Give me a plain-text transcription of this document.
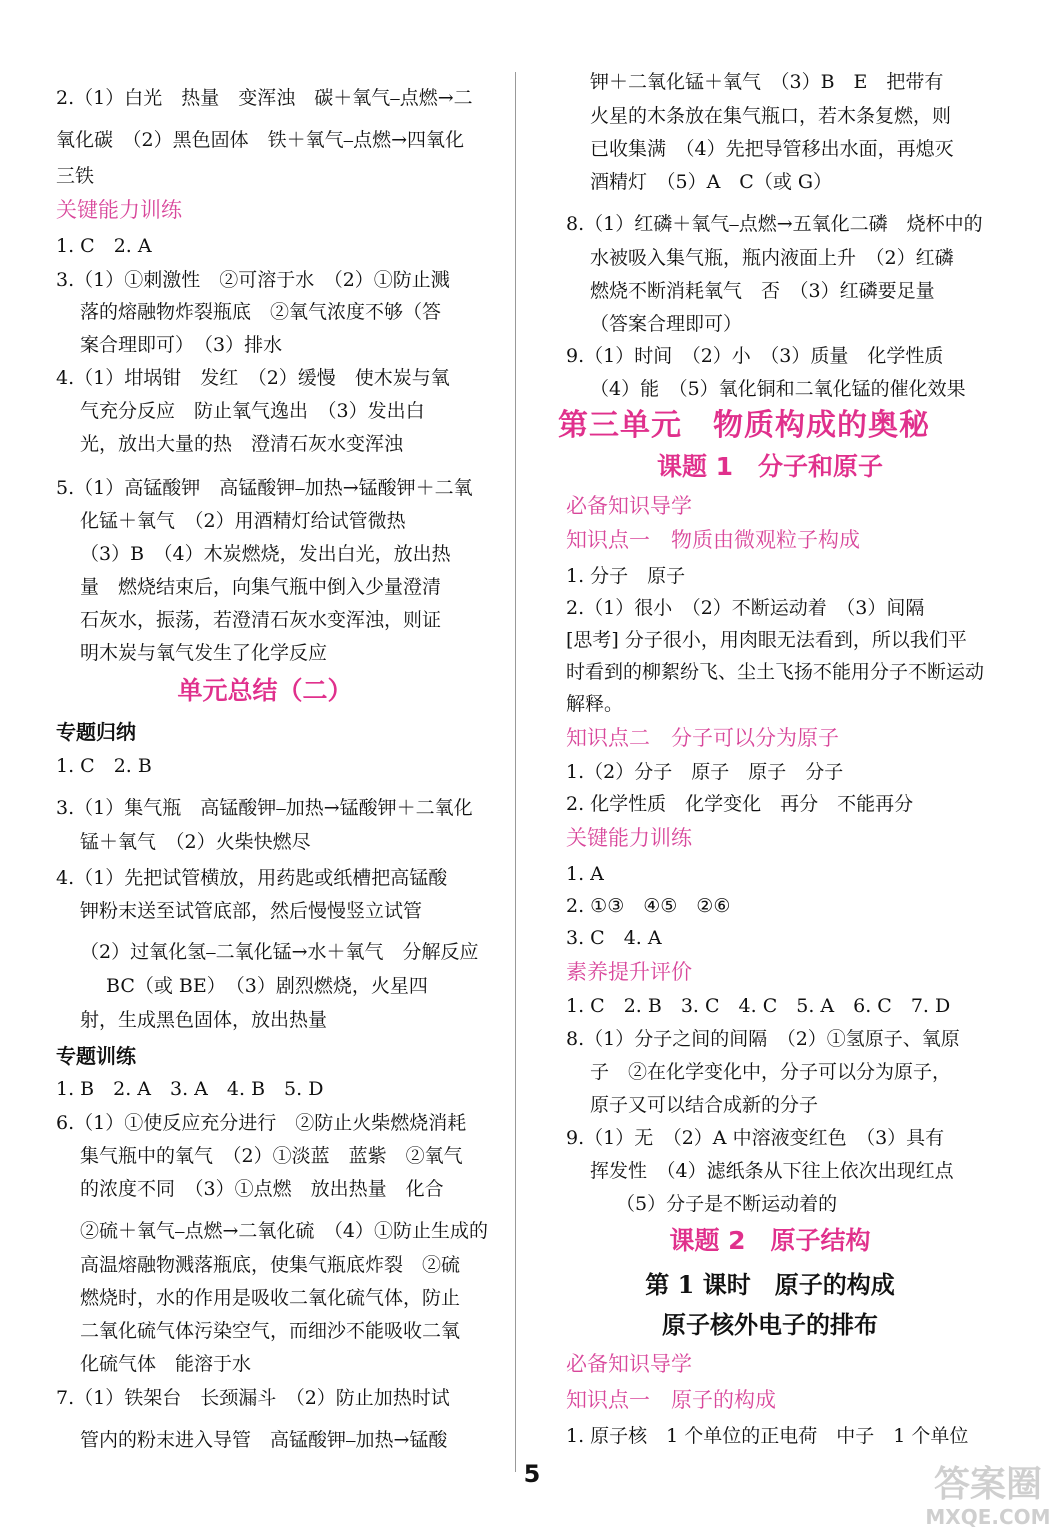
2.（1）白光　热量　变浑浊　碳＋氧气⎯点燃→二
氧化碳　（2）黑色固体　铁＋氧气⎯点燃→四氧化
三铁
关键能力训练
1. C　2. A
3.（1）①刺激性　②可溶于水　（2）①防止溅
落的熔融物炸裂瓶底　②氧气浓度不够（答
案合理即可）　（3）排水
4.（1）坩埚钳　发红　（2）缓慢　使木炭与氧
气充分反应　防止氧气逸出　（3）发出白
光，放出大量的热　澄清石灰水变浑浊
5.（1）高锰酸钾　高锰酸钾⎯加热→锰酸钾＋二氧
化锰＋氧气　（2）用酒精灯给试管微热
（3）B　（4）木炭燃烧，发出白光，放出热
量　燃烧结束后，向集气瓶中倒入少量澄清
石灰水，振荡，若澄清石灰水变浑浊，则证
明木炭与氧气发生了化学反应
单元总结（二）
专题归纳
1. C　2. B
3.（1）集气瓶　高锰酸钾⎯加热→锰酸钾＋二氧化
锰＋氧气　（2）火柴快燃尽
4.（1）先把试管横放，用药匙或纸槽把高锰酸
钾粉末送至试管底部，然后慢慢竖立试管
（2）过氧化氢⎯二氧化锰→水＋氧气　分解反应
BC（或 BE）　（3）剧烈燃烧，火星四
射，生成黑色固体，放出热量
专题训练
1. B　2. A　3. A　4. B　5. D
6.（1）①使反应充分进行　②防止火柴燃烧消耗
集气瓶中的氧气　（2）①淡蓝　蓝紫　②氧气
的浓度不同　（3）①点燃　放出热量　化合
②硫＋氧气⎯点燃→二氧化硫　（4）①防止生成的
高温熔融物溅落瓶底，使集气瓶底炸裂　②硫
燃烧时，水的作用是吸收二氧化硫气体，防止
二氧化硫气体污染空气，而细沙不能吸收二氧
化硫气体　能溶于水
7.（1）铁架台　长颈漏斗　（2）防止加热时试
管内的粉末进入导管　高锰酸钾⎯加热→锰酸
钾＋二氧化锰＋氧气　（3）B　E　把带有
火星的木条放在集气瓶口，若木条复燃，则
已收集满　（4）先把导管移出水面，再熄灭
酒精灯　（5）A　C（或 G）
8.（1）红磷＋氧气⎯点燃→五氧化二磷　烧杯中的
水被吸入集气瓶，瓶内液面上升　（2）红磷
燃烧不断消耗氧气　否　（3）红磷要足量
（答案合理即可）
9.（1）时间　（2）小　（3）质量　化学性质
（4）能　（5）氧化铜和二氧化锰的催化效果
第三单元　物质构成的奥秘
课题 1　分子和原子
必备知识导学
知识点一　物质由微观粒子构成
1. 分子　原子
2.（1）很小　（2）不断运动着　（3）间隔
[思考] 分子很小，用肉眼无法看到，所以我们平
时看到的柳絮纷飞、尘土飞扬不能用分子不断运动
解释。
知识点二　分子可以分为原子
1.（2）分子　原子　原子　分子
2. 化学性质　化学变化　再分　不能再分
关键能力训练
1. A
2. ①③　④⑤　②⑥
3. C　4. A
素养提升评价
1. C　2. B　3. C　4. C　5. A　6. C　7. D
8.（1）分子之间的间隔　（2）①氢原子、氧原
子　②在化学变化中，分子可以分为原子，
原子又可以结合成新的分子
9.（1）无　（2）A 中溶液变红色　（3）具有
挥发性　（4）滤纸条从下往上依次出现红点
（5）分子是不断运动着的
课题 2　原子结构
第 1 课时　原子的构成
原子核外电子的排布
必备知识导学
知识点一　原子的构成
1. 原子核　1 个单位的正电荷　中子　1 个单位
5	答案圈
MXQE.COM
